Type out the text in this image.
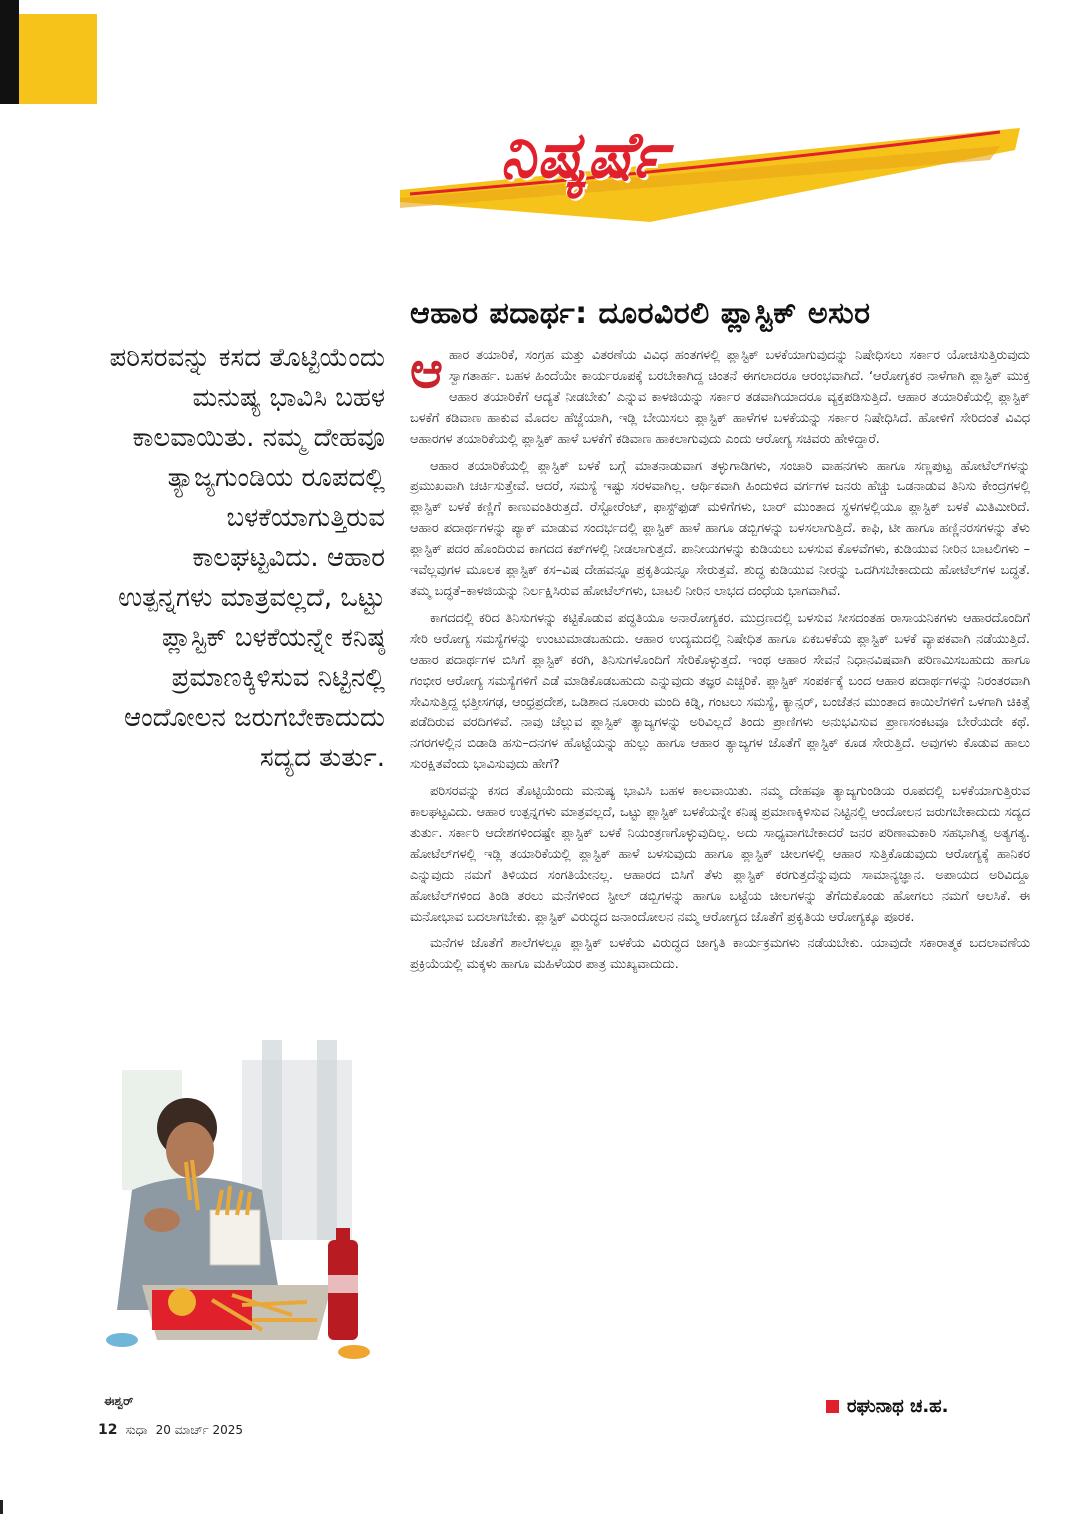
ನಿಷ್ಕರ್ಷೆ
ಆಹಾರ ಪದಾರ್ಥ: ದೂರವಿರಲಿ ಪ್ಲಾಸ್ಟಿಕ್ ಅಸುರ
ಪರಿಸರವನ್ನು ಕಸದ ತೊಟ್ಟಿಯೆಂದು ಮನುಷ್ಯ ಭಾವಿಸಿ ಬಹಳ ಕಾಲವಾಯಿತು. ನಮ್ಮ ದೇಹವೂ ತ್ಯಾಜ್ಯಗುಂಡಿಯ ರೂಪದಲ್ಲಿ ಬಳಕೆಯಾಗುತ್ತಿರುವ ಕಾಲಘಟ್ಟವಿದು. ಆಹಾರ ಉತ್ಪನ್ನಗಳು ಮಾತ್ರವಲ್ಲದೆ, ಒಟ್ಟು ಪ್ಲಾಸ್ಟಿಕ್ ಬಳಕೆಯನ್ನೇ ಕನಿಷ್ಠ ಪ್ರಮಾಣಕ್ಕಿಳಿಸುವ ನಿಟ್ಟಿನಲ್ಲಿ ಆಂದೋಲನ ಜರುಗಬೇಕಾದುದು ಸದ್ಯದ ತುರ್ತು.
ಈಶ್ವರ್

ಆಹಾರ ತಯಾರಿಕೆ, ಸಂಗ್ರಹ ಮತ್ತು ವಿತರಣೆಯ ವಿವಿಧ ಹಂತಗಳಲ್ಲಿ ಪ್ಲಾಸ್ಟಿಕ್ ಬಳಕೆಯಾಗುವುದನ್ನು ನಿಷೇಧಿಸಲು ಸರ್ಕಾರ ಯೋಚಿಸುತ್ತಿರುವುದು ಸ್ವಾಗತಾರ್ಹ. ಬಹಳ ಹಿಂದೆಯೇ ಕಾರ್ಯರೂಪಕ್ಕೆ ಬರಬೇಕಾಗಿದ್ದ ಚಿಂತನೆ ಈಗಲಾದರೂ ಆರಂಭವಾಗಿದೆ. ‘ಆರೋಗ್ಯಕರ ನಾಳೆಗಾಗಿ ಪ್ಲಾಸ್ಟಿಕ್ ಮುಕ್ತ ಆಹಾರ ತಯಾರಿಕೆಗೆ ಆದ್ಯತೆ ನೀಡಬೇಕು’ ಎನ್ನುವ ಕಾಳಜಿಯನ್ನು ಸರ್ಕಾರ ತಡವಾಗಿಯಾದರೂ ವ್ಯಕ್ತಪಡಿಸುತ್ತಿದೆ. ಆಹಾರ ತಯಾರಿಕೆಯಲ್ಲಿ ಪ್ಲಾಸ್ಟಿಕ್ ಬಳಕೆಗೆ ಕಡಿವಾಣ ಹಾಕುವ ಮೊದಲ ಹೆಜ್ಜೆಯಾಗಿ, ಇಡ್ಲಿ ಬೇಯಿಸಲು ಪ್ಲಾಸ್ಟಿಕ್ ಹಾಳೆಗಳ ಬಳಕೆಯನ್ನು ಸರ್ಕಾರ ನಿಷೇಧಿಸಿದೆ. ಹೋಳಿಗೆ ಸೇರಿದಂತೆ ವಿವಿಧ ಆಹಾರಗಳ ತಯಾರಿಕೆಯಲ್ಲಿ ಪ್ಲಾಸ್ಟಿಕ್ ಹಾಳೆ ಬಳಕೆಗೆ ಕಡಿವಾಣ ಹಾಕಲಾಗುವುದು ಎಂದು ಆರೋಗ್ಯ ಸಚಿವರು ಹೇಳಿದ್ದಾರೆ.

ಆಹಾರ ತಯಾರಿಕೆಯಲ್ಲಿ ಪ್ಲಾಸ್ಟಿಕ್ ಬಳಕೆ ಬಗ್ಗೆ ಮಾತನಾಡುವಾಗ ತಳ್ಳುಗಾಡಿಗಳು, ಸಂಚಾರಿ ವಾಹನಗಳು ಹಾಗೂ ಸಣ್ಣಪುಟ್ಟ ಹೋಟೆಲ್‌ಗಳನ್ನು ಪ್ರಮುಖವಾಗಿ ಚರ್ಚಿಸುತ್ತೇವೆ. ಆದರೆ, ಸಮಸ್ಯೆ ಇಷ್ಟು ಸರಳವಾಗಿಲ್ಲ. ಆರ್ಥಿಕವಾಗಿ ಹಿಂದುಳಿದ ವರ್ಗಗಳ ಜನರು ಹೆಚ್ಚು ಒಡನಾಡುವ ತಿನಿಸು ಕೇಂದ್ರಗಳಲ್ಲಿ ಪ್ಲಾಸ್ಟಿಕ್ ಬಳಕೆ ಕಣ್ಣಿಗೆ ಕಾಣುವಂತಿರುತ್ತದೆ. ರೆಸ್ಟೋರೆಂಟ್, ಫಾಸ್ಟ್‌ಫುಡ್ ಮಳಿಗೆಗಳು, ಬಾರ್ ಮುಂತಾದ ಸ್ಥಳಗಳಲ್ಲಿಯೂ ಪ್ಲಾಸ್ಟಿಕ್ ಬಳಕೆ ಮಿತಿಮೀರಿದೆ. ಆಹಾರ ಪದಾರ್ಥಗಳನ್ನು ಪ್ಯಾಕ್ ಮಾಡುವ ಸಂದರ್ಭದಲ್ಲಿ ಪ್ಲಾಸ್ಟಿಕ್ ಹಾಳೆ ಹಾಗೂ ಡಬ್ಬಿಗಳನ್ನು ಬಳಸಲಾಗುತ್ತಿದೆ. ಕಾಫಿ, ಟೀ ಹಾಗೂ ಹಣ್ಣಿನರಸಗಳನ್ನು ತೆಳು ಪ್ಲಾಸ್ಟಿಕ್ ಪದರ ಹೊಂದಿರುವ ಕಾಗದದ ಕಪ್‌ಗಳಲ್ಲಿ ನೀಡಲಾಗುತ್ತದೆ. ಪಾನೀಯಗಳನ್ನು ಕುಡಿಯಲು ಬಳಸುವ ಕೊಳವೆಗಳು, ಕುಡಿಯುವ ನೀರಿನ ಬಾಟಲಿಗಳು – ಇವೆಲ್ಲವುಗಳ ಮೂಲಕ ಪ್ಲಾಸ್ಟಿಕ್ ಕಸ–ವಿಷ ದೇಹವನ್ನೂ ಪ್ರಕೃತಿಯನ್ನೂ ಸೇರುತ್ತವೆ. ಶುದ್ಧ ಕುಡಿಯುವ ನೀರನ್ನು ಒದಗಿಸಬೇಕಾದುದು ಹೋಟೆಲ್‌ಗಳ ಬದ್ಧತೆ. ತಮ್ಮ ಬದ್ಧತೆ–ಕಾಳಜಿಯನ್ನು ನಿರ್ಲಕ್ಷಿಸಿರುವ ಹೋಟೆಲ್‌ಗಳು, ಬಾಟಲಿ ನೀರಿನ ಲಾಭದ ದಂಧೆಯ ಭಾಗವಾಗಿವೆ.

ಕಾಗದದಲ್ಲಿ ಕರಿದ ತಿನಿಸುಗಳನ್ನು ಕಟ್ಟಿಕೊಡುವ ಪದ್ಧತಿಯೂ ಅನಾರೋಗ್ಯಕರ. ಮುದ್ರಣದಲ್ಲಿ ಬಳಸುವ ಸೀಸದಂತಹ ರಾಸಾಯನಿಕಗಳು ಆಹಾರದೊಂದಿಗೆ ಸೇರಿ ಆರೋಗ್ಯ ಸಮಸ್ಯೆಗಳನ್ನು ಉಂಟುಮಾಡಬಹುದು. ಆಹಾರ ಉದ್ಯಮದಲ್ಲಿ ನಿಷೇಧಿತ ಹಾಗೂ ಏಕಬಳಕೆಯ ಪ್ಲಾಸ್ಟಿಕ್ ಬಳಕೆ ವ್ಯಾಪಕವಾಗಿ ನಡೆಯುತ್ತಿದೆ. ಆಹಾರ ಪದಾರ್ಥಗಳ ಬಿಸಿಗೆ ಪ್ಲಾಸ್ಟಿಕ್ ಕರಗಿ, ತಿನಿಸುಗಳೊಂದಿಗೆ ಸೇರಿಕೊಳ್ಳುತ್ತದೆ. ಇಂಥ ಆಹಾರ ಸೇವನೆ ನಿಧಾನವಿಷವಾಗಿ ಪರಿಣಮಿಸಬಹುದು ಹಾಗೂ ಗಂಭೀರ ಆರೋಗ್ಯ ಸಮಸ್ಯೆಗಳಿಗೆ ಎಡೆ ಮಾಡಿಕೊಡಬಹುದು ಎನ್ನುವುದು ತಜ್ಞರ ಎಚ್ಚರಿಕೆ. ಪ್ಲಾಸ್ಟಿಕ್ ಸಂಪರ್ಕಕ್ಕೆ ಬಂದ ಆಹಾರ ಪದಾರ್ಥಗಳನ್ನು ನಿರಂತರವಾಗಿ ಸೇವಿಸುತ್ತಿದ್ದ ಛತ್ತೀಸಗಢ, ಆಂಧ್ರಪ್ರದೇಶ, ಒಡಿಶಾದ ನೂರಾರು ಮಂದಿ ಕಿಡ್ನಿ, ಗಂಟಲು ಸಮಸ್ಯೆ, ಕ್ಯಾನ್ಸರ್, ಬಂಜೆತನ ಮುಂತಾದ ಕಾಯಿಲೆಗಳಿಗೆ ಒಳಗಾಗಿ ಚಿಕಿತ್ಸೆ ಪಡೆದಿರುವ ವರದಿಗಳಿವೆ. ನಾವು ಚೆಲ್ಲುವ ಪ್ಲಾಸ್ಟಿಕ್ ತ್ಯಾಜ್ಯಗಳನ್ನು ಅರಿವಿಲ್ಲದೆ ತಿಂದು ಪ್ರಾಣಿಗಳು ಅನುಭವಿಸುವ ಪ್ರಾಣಸಂಕಟವೂ ಬೇರೆಯದೇ ಕಥೆ. ನಗರಗಳಲ್ಲಿನ ಬಿಡಾಡಿ ಹಸು–ದನಗಳ ಹೊಟ್ಟೆಯನ್ನು ಹುಲ್ಲು ಹಾಗೂ ಆಹಾರ ತ್ಯಾಜ್ಯಗಳ ಜೊತೆಗೆ ಪ್ಲಾಸ್ಟಿಕ್ ಕೂಡ ಸೇರುತ್ತಿದೆ. ಅವುಗಳು ಕೊಡುವ ಹಾಲು ಸುರಕ್ಷಿತವೆಂದು ಭಾವಿಸುವುದು ಹೇಗೆ?

ಪರಿಸರವನ್ನು ಕಸದ ತೊಟ್ಟಿಯೆಂದು ಮನುಷ್ಯ ಭಾವಿಸಿ ಬಹಳ ಕಾಲವಾಯಿತು. ನಮ್ಮ ದೇಹವೂ ತ್ಯಾಜ್ಯಗುಂಡಿಯ ರೂಪದಲ್ಲಿ ಬಳಕೆಯಾಗುತ್ತಿರುವ ಕಾಲಘಟ್ಟವಿದು. ಆಹಾರ ಉತ್ಪನ್ನಗಳು ಮಾತ್ರವಲ್ಲದೆ, ಒಟ್ಟು ಪ್ಲಾಸ್ಟಿಕ್ ಬಳಕೆಯನ್ನೇ ಕನಿಷ್ಠ ಪ್ರಮಾಣಕ್ಕಿಳಿಸುವ ನಿಟ್ಟಿನಲ್ಲಿ ಆಂದೋಲನ ಜರುಗಬೇಕಾದುದು ಸದ್ಯದ ತುರ್ತು. ಸರ್ಕಾರಿ ಆದೇಶಗಳಿಂದಷ್ಟೇ ಪ್ಲಾಸ್ಟಿಕ್ ಬಳಕೆ ನಿಯಂತ್ರಣಗೊಳ್ಳುವುದಿಲ್ಲ. ಅದು ಸಾಧ್ಯವಾಗಬೇಕಾದರೆ ಜನರ ಪರಿಣಾಮಕಾರಿ ಸಹಭಾಗಿತ್ವ ಅತ್ಯಗತ್ಯ. ಹೋಟೆಲ್‌ಗಳಲ್ಲಿ ಇಡ್ಲಿ ತಯಾರಿಕೆಯಲ್ಲಿ ಪ್ಲಾಸ್ಟಿಕ್ ಹಾಳೆ ಬಳಸುವುದು ಹಾಗೂ ಪ್ಲಾಸ್ಟಿಕ್ ಚೀಲಗಳಲ್ಲಿ ಆಹಾರ ಸುತ್ತಿಕೊಡುವುದು ಆರೋಗ್ಯಕ್ಕೆ ಹಾನಿಕರ ಎನ್ನುವುದು ನಮಗೆ ತಿಳಿಯದ ಸಂಗತಿಯೇನಲ್ಲ. ಆಹಾರದ ಬಿಸಿಗೆ ತೆಳು ಪ್ಲಾಸ್ಟಿಕ್ ಕರಗುತ್ತದೆನ್ನುವುದು ಸಾಮಾನ್ಯಜ್ಞಾನ. ಅಪಾಯದ ಅರಿವಿದ್ದೂ ಹೋಟೆಲ್‌ಗಳಿಂದ ತಿಂಡಿ ತರಲು ಮನೆಗಳಿಂದ ಸ್ಟೀಲ್ ಡಬ್ಬಿಗಳನ್ನು ಹಾಗೂ ಬಟ್ಟೆಯ ಚೀಲಗಳನ್ನು ತೆಗೆದುಕೊಂಡು ಹೋಗಲು ನಮಗೆ ಆಲಸಿಕೆ. ಈ ಮನೋಭಾವ ಬದಲಾಗಬೇಕು. ಪ್ಲಾಸ್ಟಿಕ್ ವಿರುದ್ಧದ ಜನಾಂದೋಲನ ನಮ್ಮ ಆರೋಗ್ಯದ ಜೊತೆಗೆ ಪ್ರಕೃತಿಯ ಆರೋಗ್ಯಕ್ಕೂ ಪೂರಕ.

ಮನೆಗಳ ಜೊತೆಗೆ ಶಾಲೆಗಳಲ್ಲೂ ಪ್ಲಾಸ್ಟಿಕ್ ಬಳಕೆಯ ವಿರುದ್ಧದ ಜಾಗೃತಿ ಕಾರ್ಯಕ್ರಮಗಳು ನಡೆಯಬೇಕು. ಯಾವುದೇ ಸಕಾರಾತ್ಮಕ ಬದಲಾವಣೆಯ ಪ್ರಕ್ರಿಯೆಯಲ್ಲಿ ಮಕ್ಕಳು ಹಾಗೂ ಮಹಿಳೆಯರ ಪಾತ್ರ ಮುಖ್ಯವಾದುದು.

ರಘುನಾಥ ಚ.ಹ.
12 ಸುಧಾ 20 ಮಾರ್ಚ್ 2025
